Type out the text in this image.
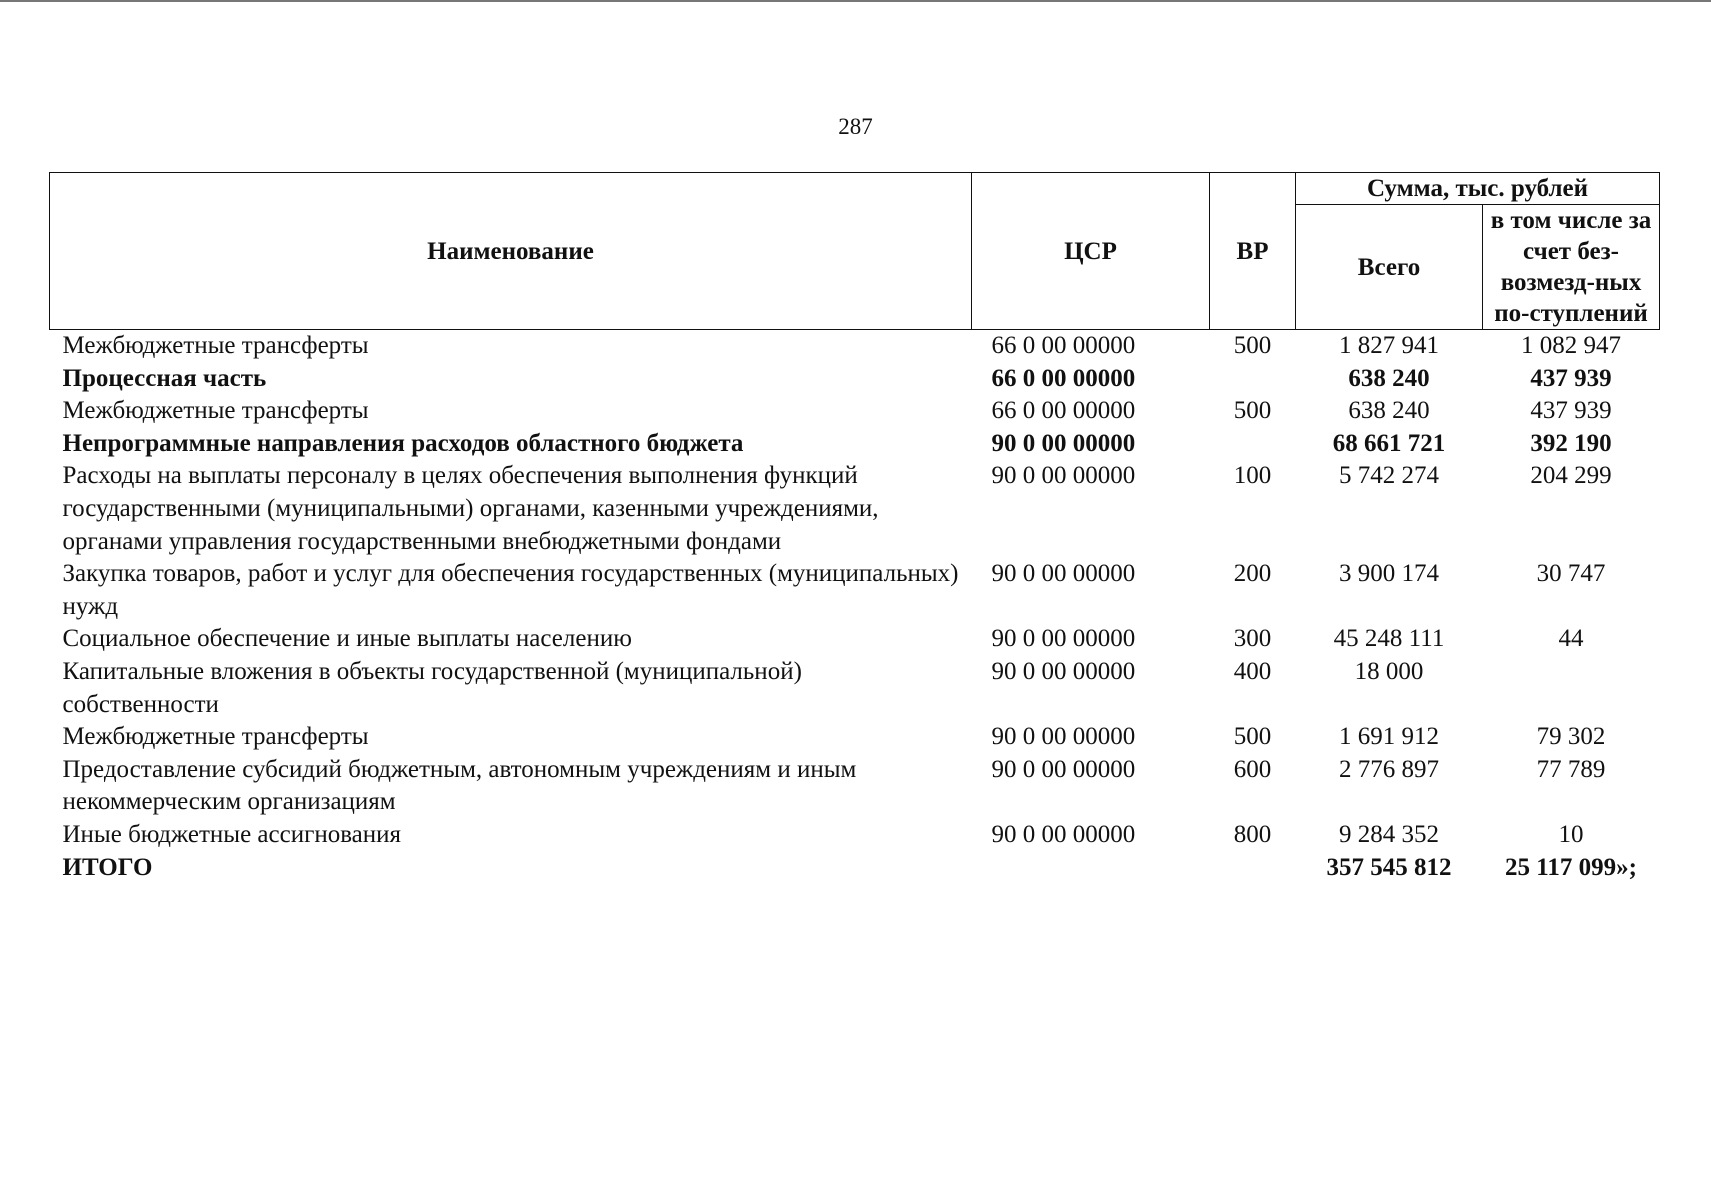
287
Наименование	ЦСР	ВР	Сумма, тыс. рублей	
			Всего	в том числе за счет без-возмезд-ных по-ступлений
Межбюджетные трансферты	66 0 00 00000	500	1 827 941	1 082 947
Процессная часть	66 0 00 00000		638 240	437 939
Межбюджетные трансферты	66 0 00 00000	500	638 240	437 939
Непрограммные направления расходов областного бюджета	90 0 00 00000		68 661 721	392 190
Расходы на выплаты персоналу в целях обеспечения выполнения функций государственными (муниципальными) органами, казенными учреждениями, органами управления государственными внебюджетными фондами	90 0 00 00000	100	5 742 274	204 299
Закупка товаров, работ и услуг для обеспечения государственных (муниципальных) нужд	90 0 00 00000	200	3 900 174	30 747
Социальное обеспечение и иные выплаты населению	90 0 00 00000	300	45 248 111	44
Капитальные вложения в объекты государственной (муниципальной) собственности	90 0 00 00000	400	18 000	
Межбюджетные трансферты	90 0 00 00000	500	1 691 912	79 302
Предоставление субсидий бюджетным, автономным учреждениям и иным некоммерческим организациям	90 0 00 00000	600	2 776 897	77 789
Иные бюджетные ассигнования	90 0 00 00000	800	9 284 352	10
ИТОГО			357 545 812	25 117 099»;
